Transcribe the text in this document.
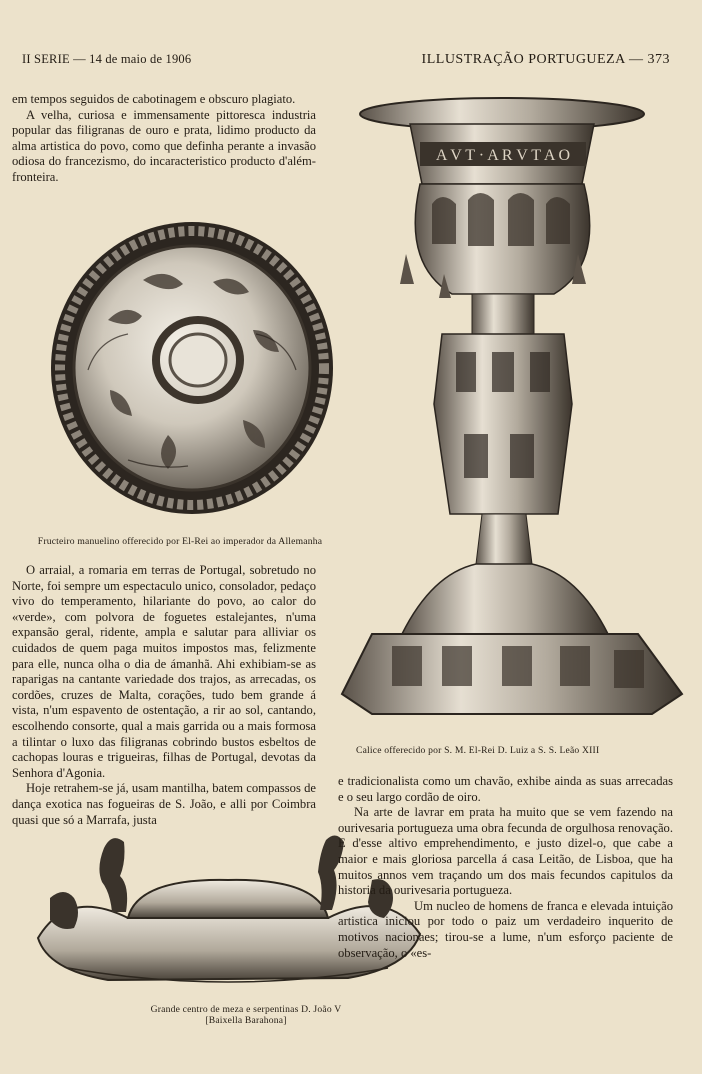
II SERIE — 14 de maio de 1906	ILLUSTRAÇÃO PORTUGUEZA — 373

em tempos seguidos de cabotinagem e obscuro plagiato.

A velha, curiosa e immensamente pittoresca industria popular das filigranas de ouro e prata, lidimo producto da alma artistica do povo, como que definha perante a invasão odiosa do francezismo, do incaracteristico producto d'além-fronteira.

Fructeiro manuelino offerecido por El-Rei ao imperador da Allemanha
A V T · A R V T A O
Calice offerecido por S. M. El-Rei D. Luiz a S. S. Leão XIII

O arraial, a romaria em terras de Portugal, sobretudo no Norte, foi sempre um espectaculo unico, consolador, pedaço vivo do temperamento, hilariante do povo, ao calor do «verde», com polvora de foguetes estalejantes, n'uma expansão geral, ridente, ampla e salutar para alliviar os cuidados de quem paga muitos impostos mas, felizmente para elle, nunca olha o dia de ámanhã. Ahi exhibiam-se as raparigas na cantante variedade dos trajos, as arrecadas, os cordões, cruzes de Malta, corações, tudo bem grande á vista, n'um espavento de ostentação, a rir ao sol, cantando, escolhendo consorte, qual a mais garrida ou a mais formosa a tilintar o luxo das filigranas cobrindo bustos esbeltos de cachopas louras e trigueiras, filhas de Portugal, devotas da Senhora d'Agonia.

Hoje retrahem-se já, usam mantilha, batem compassos de dança exotica nas fogueiras de S. João, e alli por Coimbra quasi que só a Marrafa, justa

Grande centro de meza e serpentinas D. João V
[Baixella Barahona]

e tradicionalista como um chavão, exhibe ainda as suas arrecadas e o seu largo cordão de oiro.

Na arte de lavrar em prata ha muito que se vem fazendo na ourivesaria portugueza uma obra fecunda de orgulhosa renovação. E d'esse altivo emprehendimento, e justo dizel-o, que cabe a maior e mais gloriosa parcella á casa Leitão, de Lisboa, que ha muitos annos vem traçando um dos mais fecundos capitulos da historia da ourivesaria portugueza.

Um nucleo de homens de franca e elevada intuição artistica iniciou por todo o paiz um verdadeiro inquerito de motivos nacionaes; tirou-se a lume, n'um esforço paciente de observação, o «es-
